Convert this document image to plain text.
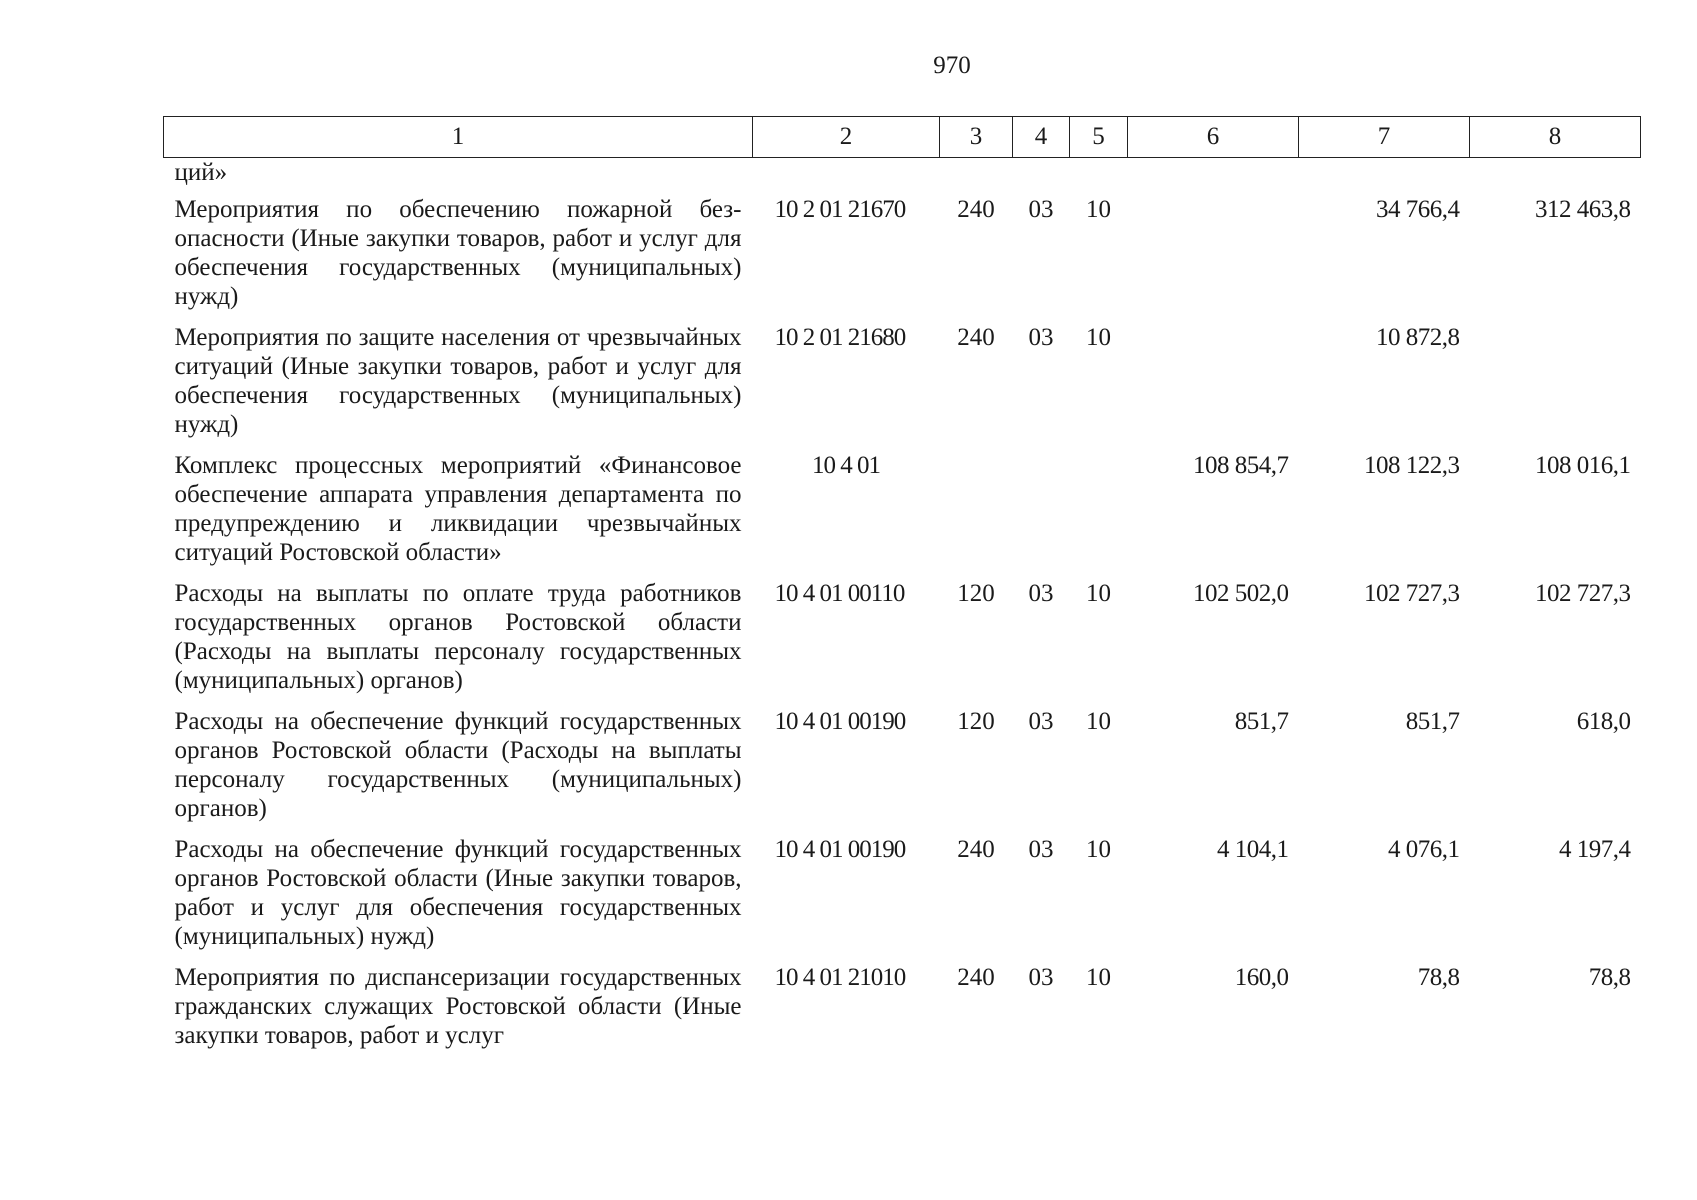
970
1	2	3	4	5	6	7	8
ций»							
Мероприятия по обеспечению пожарной безопасности (Иные закупки товаров, работ и услуг для обеспечения государственных (муниципальных) нужд)	10 2 01 21670	240	03	10		34 766,4	312 463,8
Мероприятия по защите населения от чрезвычайных ситуаций (Иные закупки товаров, работ и услуг для обеспечения государственных (муниципальных) нужд)	10 2 01 21680	240	03	10		10 872,8	
Комплекс процессных мероприятий «Финансовое обеспечение аппарата управления департамента по предупреждению и ликвидации чрезвычайных ситуаций Ростовской области»	10 4 01				108 854,7	108 122,3	108 016,1
Расходы на выплаты по оплате труда работников государственных органов Ростовской области (Расходы на выплаты персоналу государственных (муниципальных) органов)	10 4 01 00110	120	03	10	102 502,0	102 727,3	102 727,3
Расходы на обеспечение функций государственных органов Ростовской области (Расходы на выплаты персоналу государственных (муниципальных) органов)	10 4 01 00190	120	03	10	851,7	851,7	618,0
Расходы на обеспечение функций государственных органов Ростовской области (Иные закупки товаров, работ и услуг для обеспечения государственных (муниципальных) нужд)	10 4 01 00190	240	03	10	4 104,1	4 076,1	4 197,4
Мероприятия по диспансеризации государственных гражданских служащих Ростовской области (Иные закупки товаров, работ и услуг	10 4 01 21010	240	03	10	160,0	78,8	78,8
